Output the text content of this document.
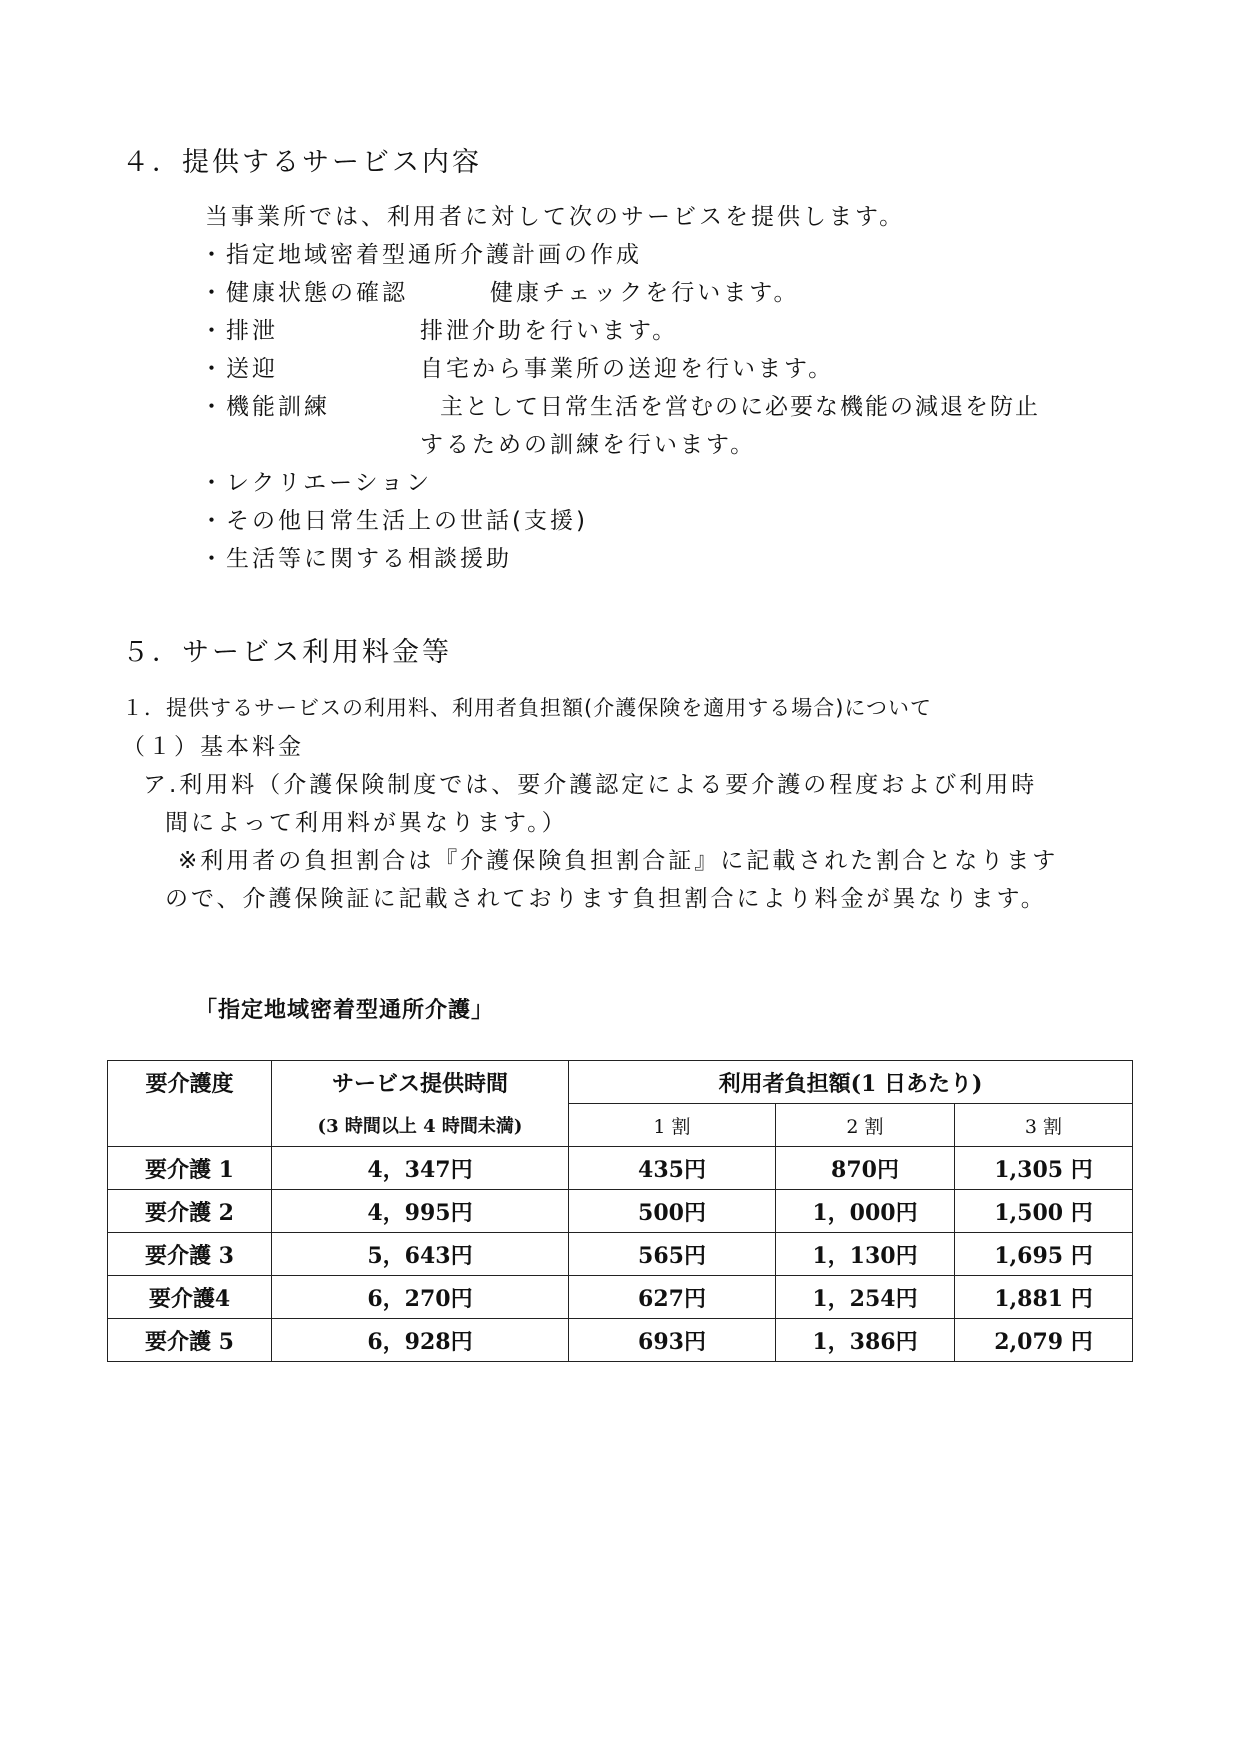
４．提供するサービス内容
当事業所では、利用者に対して次のサービスを提供します。
・指定地域密着型通所介護計画の作成
・健康状態の確認	健康チェックを行います。
・排泄	排泄介助を行います。
・送迎	自宅から事業所の送迎を行います。
・機能訓練	主として日常生活を営むのに必要な機能の減退を防止
するための訓練を行います。
・レクリエーション
・その他日常生活上の世話(支援)
・生活等に関する相談援助
５．サービス利用料金等
１．提供するサービスの利用料、利用者負担額(介護保険を適用する場合)について
（１）基本料金
ア.利用料（介護保険制度では、要介護認定による要介護の程度および利用時
間によって利用料が異なります。）
※利用者の負担割合は『介護保険負担割合証』に記載された割合となります
ので、介護保険証に記載されております負担割合により料金が異なります。
「指定地域密着型通所介護」
要介護度	サービス提供時間	利用者負担額(1 日あたり)		
	(3 時間以上 4 時間未満)	1 割	2 割	3 割
要介護 1	4，347円	435円	870円	1,305 円
要介護 2	4，995円	500円	1，000円	1,500 円
要介護 3	5，643円	565円	1，130円	1,695 円
要介護4	6，270円	627円	1，254円	1,881 円
要介護 5	6，928円	693円	1，386円	2,079 円
